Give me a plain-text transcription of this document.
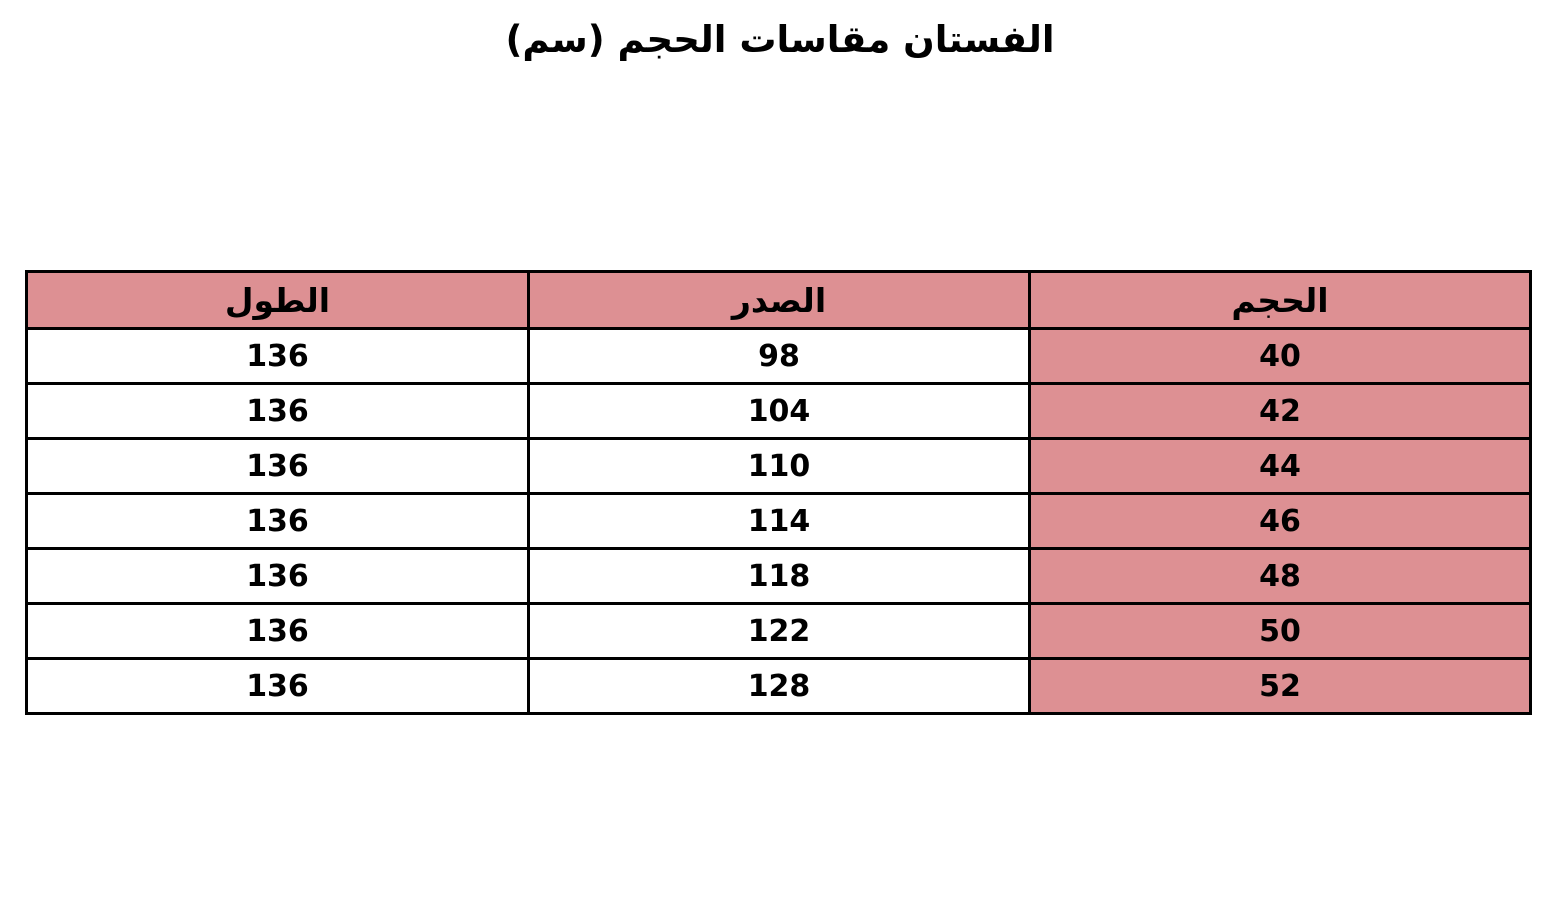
الفستان مقاسات الحجم (سم)
الحجم	الصدر	الطول
40	98	136
42	104	136
44	110	136
46	114	136
48	118	136
50	122	136
52	128	136
